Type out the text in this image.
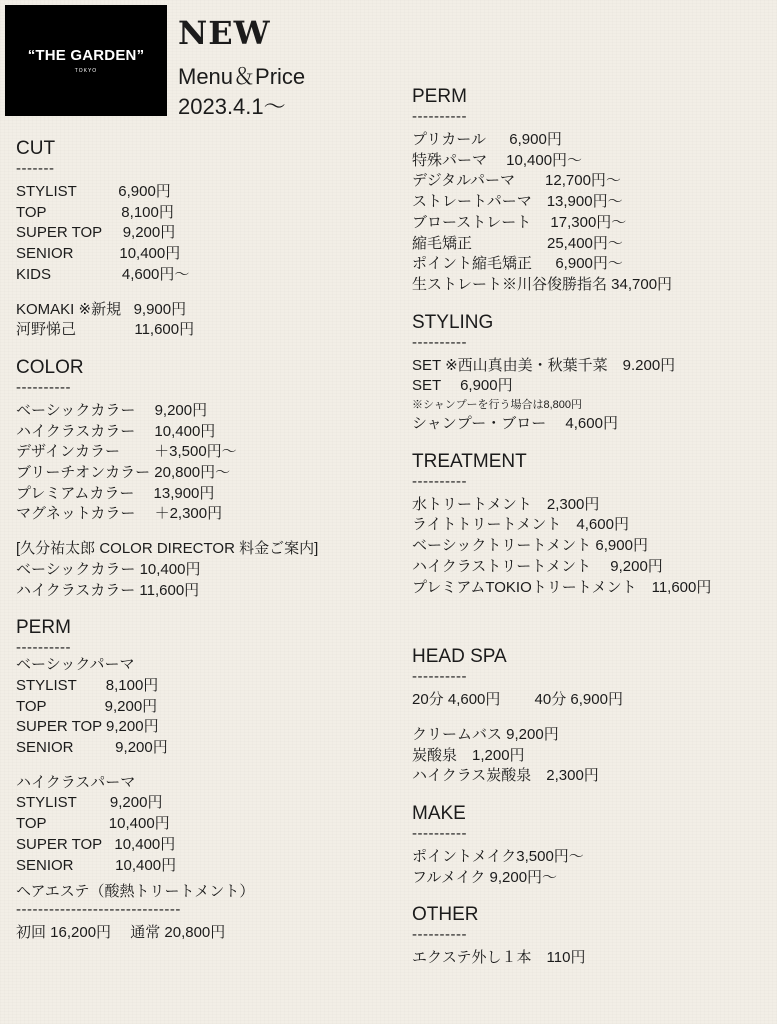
“THE GARDEN”
TOKYO
NEW
Menu＆Price
2023.4.1〜
CUT
-------
STYLIST          6,900円
TOP                  8,100円
SUPER TOP     9,200円
SENIOR           10,400円
KIDS                 4,600円〜
KOMAKI ※新規   9,900円
河野悌己              11,600円
COLOR
----------
ベーシックカラー　 9,200円
ハイクラスカラー　 10,400円
デザインカラー　　 ＋3,500円〜
ブリーチオンカラー 20,800円〜
プレミアムカラー　 13,900円
マグネットカラー　 ＋2,300円
[久分祐太郎 COLOR DIRECTOR 料金ご案内]
ベーシックカラー 10,400円
ハイクラスカラー 11,600円
PERM
----------
ベーシックパーマ
STYLIST       8,100円
TOP              9,200円
SUPER TOP 9,200円
SENIOR          9,200円
ハイクラスパーマ
STYLIST        9,200円
TOP               10,400円
SUPER TOP   10,400円
SENIOR          10,400円
ヘアエステ（酸熱トリートメント）
------------------------------
初回 16,200円　 通常 20,800円
PERM
----------
プリカール　  6,900円
特殊パーマ　 10,400円〜
デジタルパーマ　　12,700円〜
ストレートパーマ　13,900円〜
ブローストレート　 17,300円〜
縮毛矯正　　　　　25,400円〜
ポイント縮毛矯正　  6,900円〜
生ストレート※川谷俊勝指名 34,700円
STYLING
----------
SET ※西山真由美・秋葉千菜　9.200円
SET　 6,900円
※シャンプーを行う場合は8,800円
シャンプー・ブロー　 4,600円
TREATMENT
----------
水トリートメント　2,300円
ライトトリートメント　4,600円
ベーシックトリートメント 6,900円
ハイクラストリートメント　 9,200円
プレミアムTOKIOトリートメント　11,600円
HEAD SPA
----------
20分 4,600円　　 40分 6,900円
クリームバス 9,200円
炭酸泉　1,200円
ハイクラス炭酸泉　2,300円
MAKE
----------
ポイントメイク3,500円〜
フルメイク 9,200円〜
OTHER
----------
エクステ外し１本　110円
